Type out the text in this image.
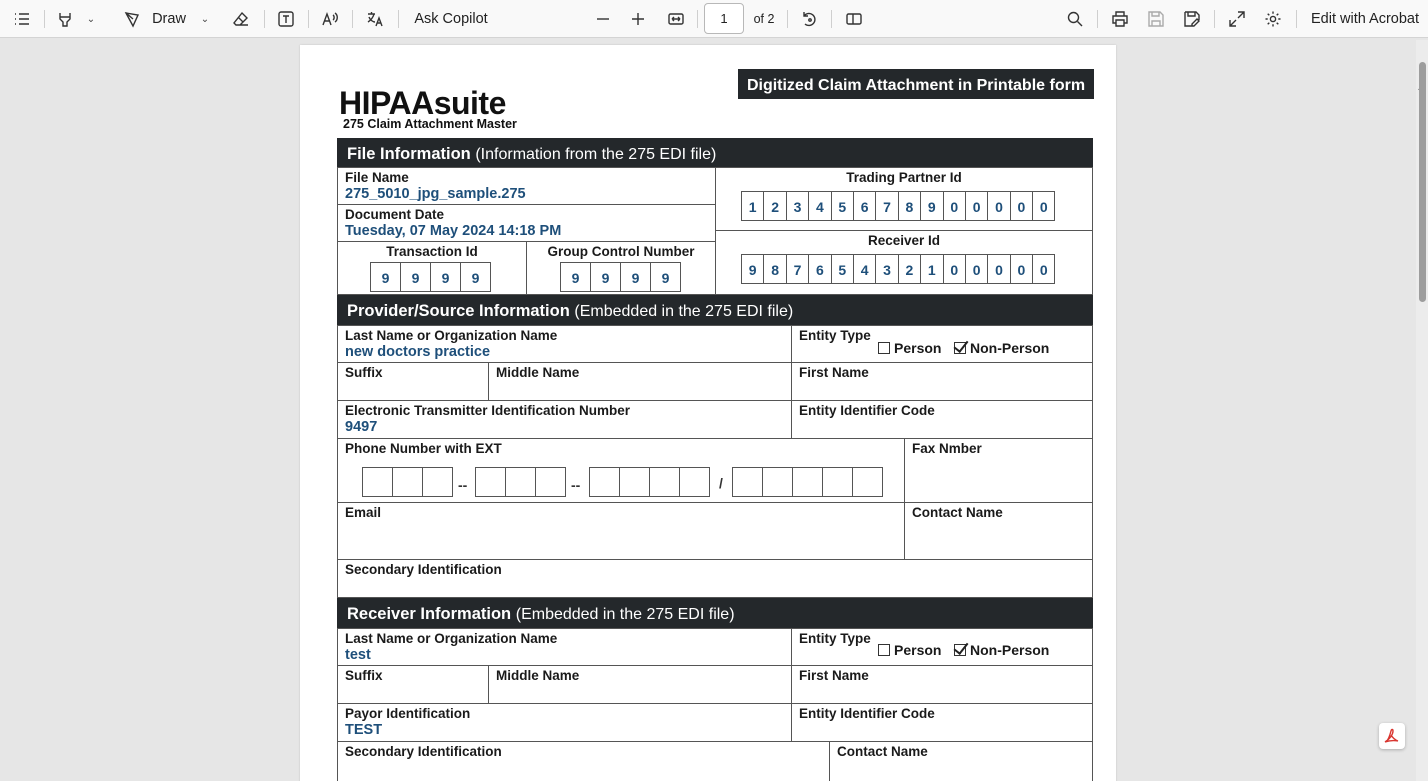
⌄	Draw ⌄	Ask Copilot	1	of 2	Edit with Acrobat
HIPAAsuite
275 Claim Attachment Master
Digitized Claim Attachment in Printable form
File Information (Information from the 275 EDI file)
File Name
275_5010_jpg_sample.275
Document Date
Tuesday, 07 May 2024 14:18 PM
Transaction Id
9	9	9	9
Group Control Number
9	9	9	9
Trading Partner Id
1	2	3	4	5	6	7	8	9	0	0	0	0	0
Receiver Id
9	8	7	6	5	4	3	2	1	0	0	0	0	0
Provider/Source Information (Embedded in the 275 EDI file)
Last Name or Organization Name
new doctors practice
Entity Type
Person	Non-Person
Suffix	Middle Name	First Name
Electronic Transmitter Identification Number
9497
Entity Identifier Code
Phone Number with EXT
--	--	/
Fax Nmber
Email	Contact Name
Secondary Identification
Receiver Information (Embedded in the 275 EDI file)
Last Name or Organization Name
test
Entity Type
Person	Non-Person
Suffix	Middle Name	First Name
Payor Identification
TEST
Entity Identifier Code
Secondary Identification	Contact Name
